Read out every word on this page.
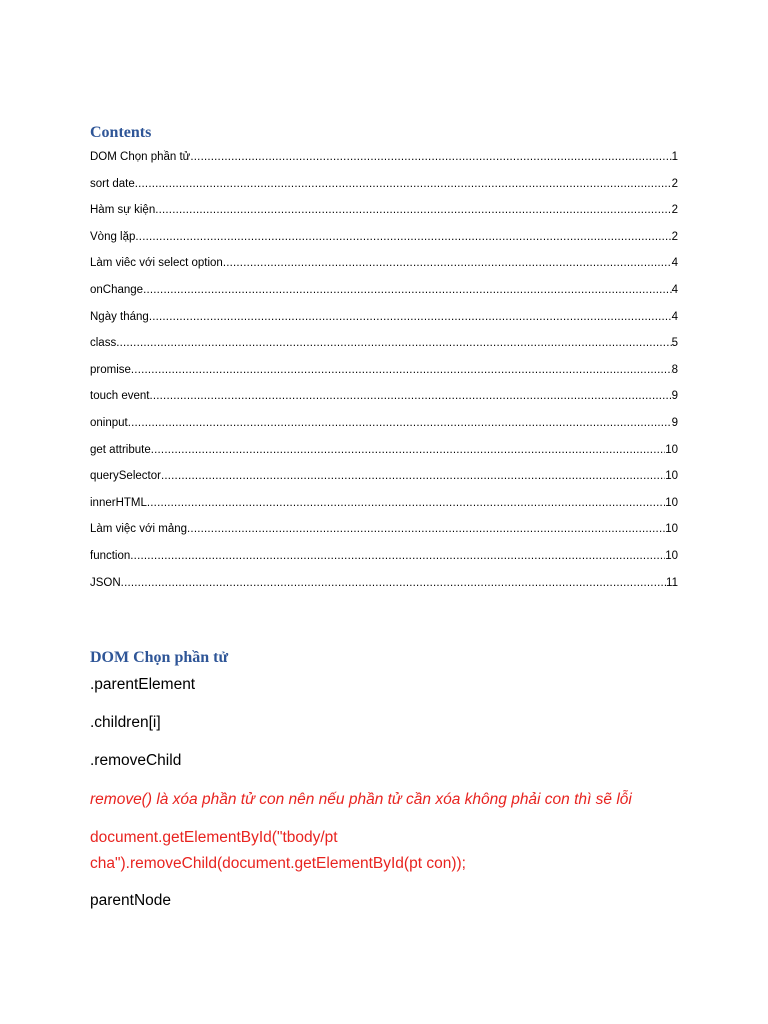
Contents
DOM Chọn phần tử .....	1
sort date .....	2
Hàm sự kiện .....	2
Vòng lặp .....	2
Làm viêc với select option .....	4
onChange .....	4
Ngày tháng .....	4
class .....	5
promise .....	8
touch event .....	9
oninput .....	9
get attribute .....	10
querySelector .....	10
innerHTML .....	10
Làm việc với mảng .....	10
function .....	10
JSON .....	11
DOM Chọn phần tử

.parentElement

.children[i]

.removeChild

remove() là xóa phần tử con nên nếu phần tử cần xóa không phải con thì sẽ lỗi

document.getElementById("tbody/pt

cha").removeChild(document.getElementById(pt con));

parentNode
